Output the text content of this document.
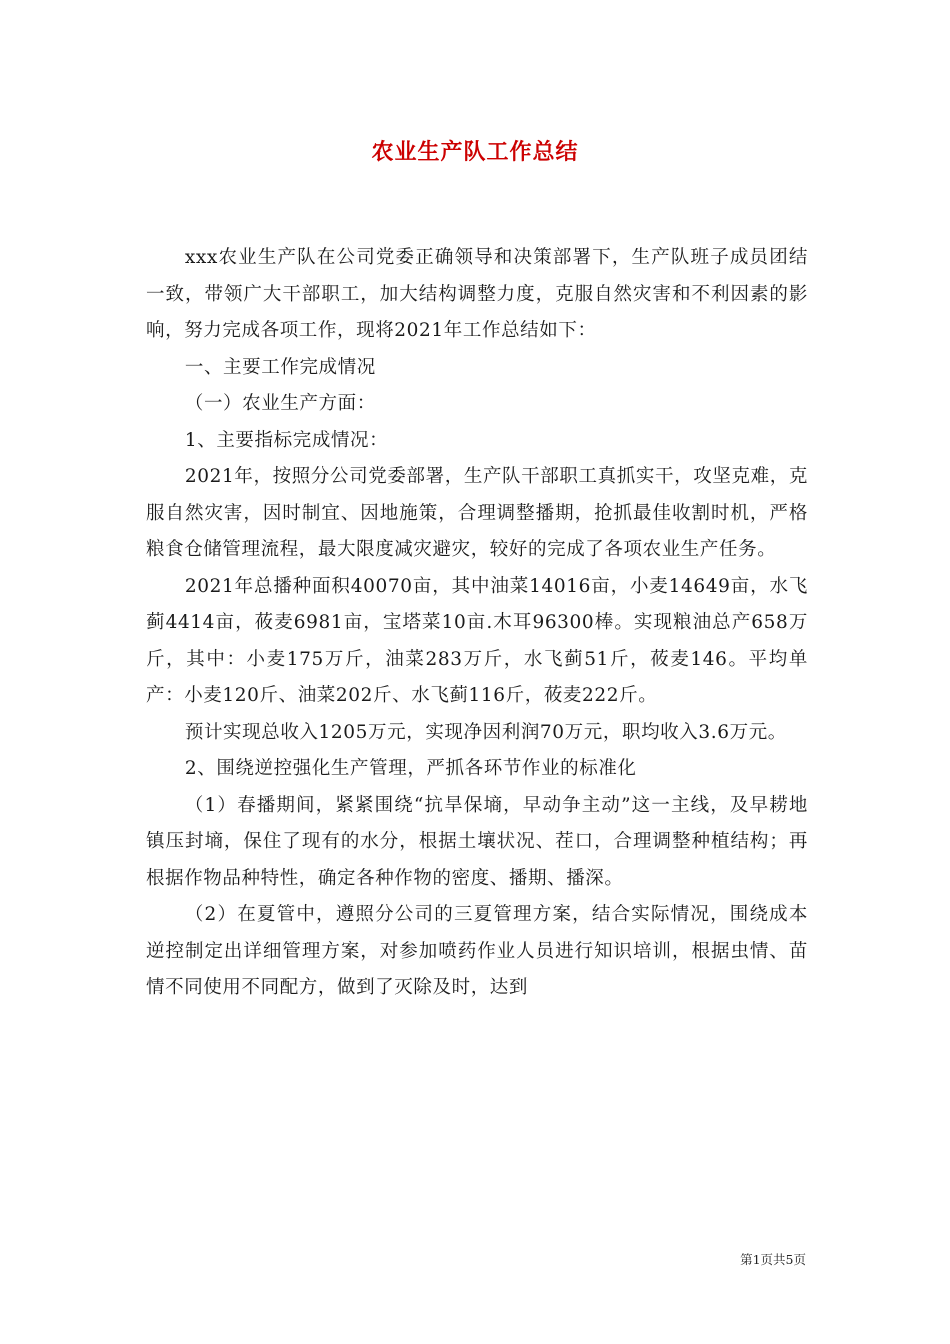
农业生产队工作总结

xxx农业生产队在公司党委正确领导和决策部署下，生产队班子成员团结一致，带领广大干部职工，加大结构调整力度，克服自然灾害和不利因素的影响，努力完成各项工作，现将2021年工作总结如下：

一、主要工作完成情况

（一）农业生产方面：

1、主要指标完成情况：

2021年，按照分公司党委部署，生产队干部职工真抓实干，攻坚克难，克服自然灾害，因时制宜、因地施策，合理调整播期，抢抓最佳收割时机，严格粮食仓储管理流程，最大限度减灾避灾，较好的完成了各项农业生产任务。

2021年总播种面积40070亩，其中油菜14016亩，小麦14649亩，水飞蓟4414亩，莜麦6981亩，宝塔菜10亩.木耳96300棒。实现粮油总产658万斤，其中：小麦175万斤，油菜283万斤，水飞蓟51斤，莜麦146。平均单产：小麦120斤、油菜202斤、水飞蓟116斤，莜麦222斤。

预计实现总收入1205万元，实现净因利润70万元，职均收入3.6万元。

2、围绕逆控强化生产管理，严抓各环节作业的标准化

（1）春播期间，紧紧围绕“抗旱保墒，早动争主动”这一主线，及早耢地镇压封墒，保住了现有的水分，根据土壤状况、茬口，合理调整种植结构；再根据作物品种特性，确定各种作物的密度、播期、播深。

（2）在夏管中，遵照分公司的三夏管理方案，结合实际情况，围绕成本逆控制定出详细管理方案，对参加喷药作业人员进行知识培训，根据虫情、苗情不同使用不同配方，做到了灭除及时，达到

第1页共5页
